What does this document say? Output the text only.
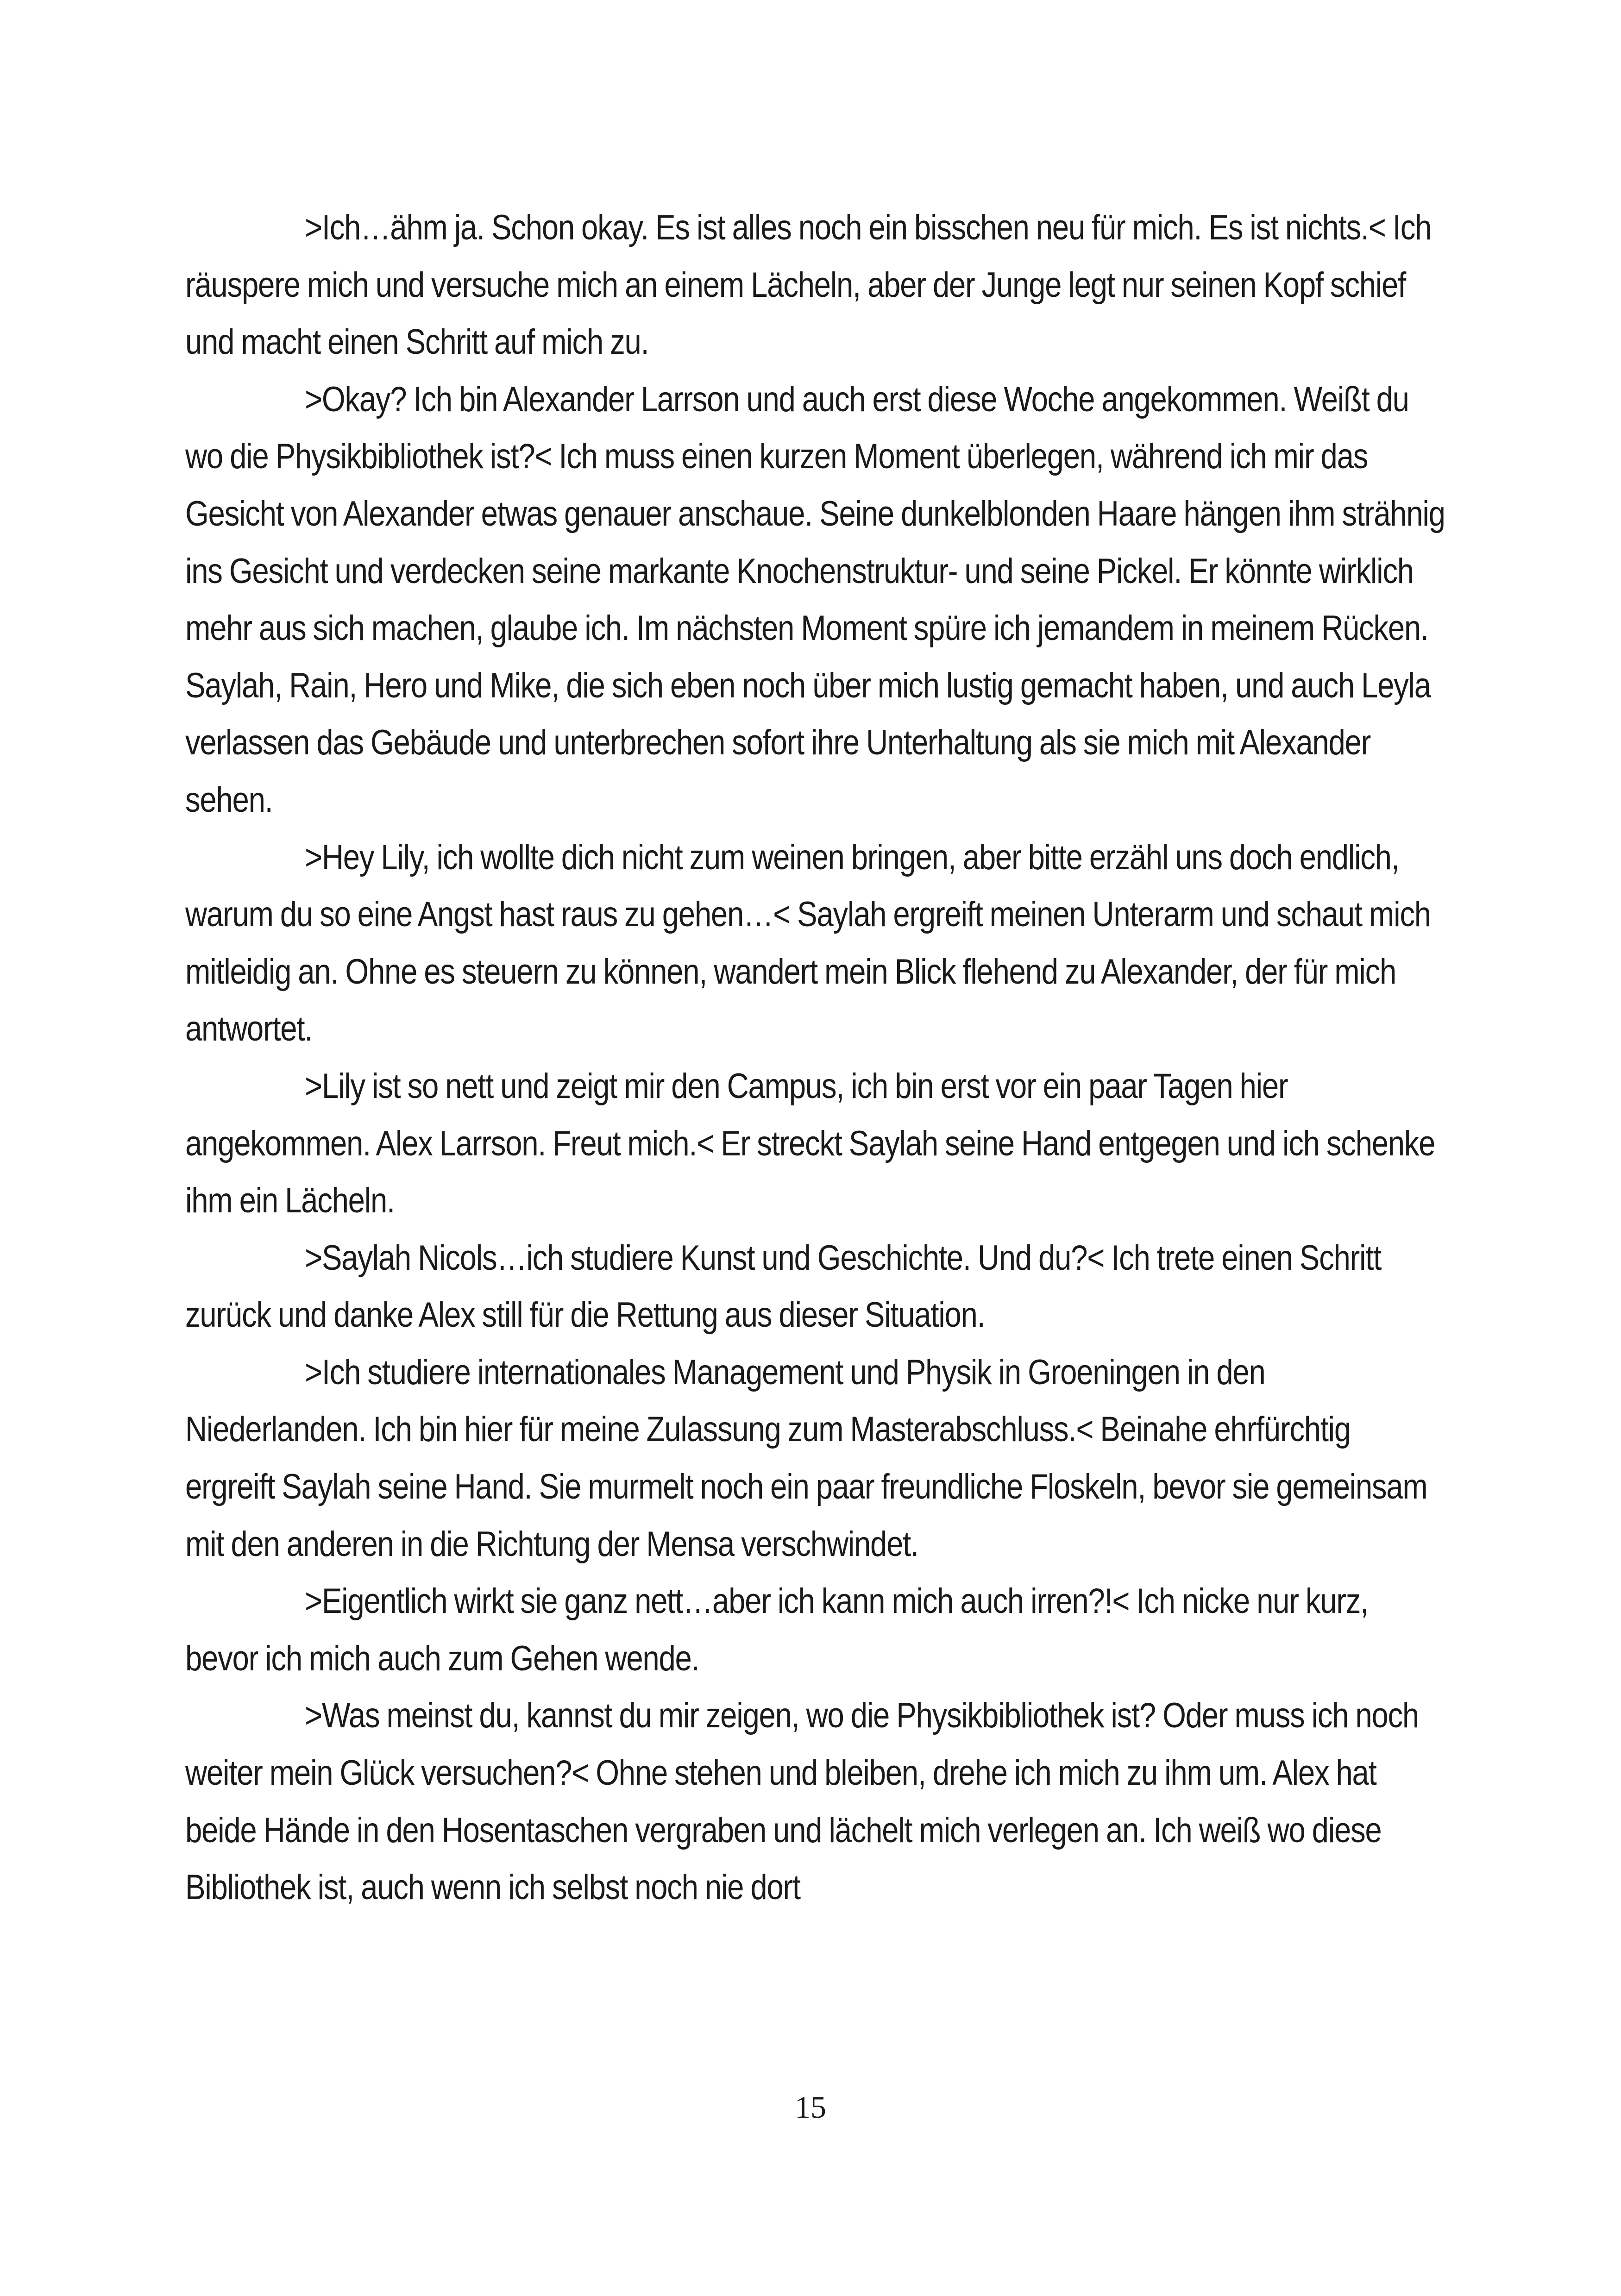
>Ich…ähm ja. Schon okay. Es ist alles noch ein bisschen neu für mich. Es ist nichts.< Ich räuspere mich und versuche mich an einem Lächeln, aber der Junge legt nur seinen Kopf schief und macht einen Schritt auf mich zu.

>Okay? Ich bin Alexander Larrson und auch erst diese Woche angekommen. Weißt du wo die Physikbibliothek ist?< Ich muss einen kurzen Moment überlegen, während ich mir das Gesicht von Alexander etwas genauer anschaue. Seine dunkelblonden Haare hängen ihm strähnig ins Gesicht und verdecken seine markante Knochenstruktur- und seine Pickel. Er könnte wirklich mehr aus sich machen, glaube ich. Im nächsten Moment spüre ich jemandem in meinem Rücken. Saylah, Rain, Hero und Mike, die sich eben noch über mich lustig gemacht haben, und auch Leyla verlassen das Gebäude und unterbrechen sofort ihre Unterhaltung als sie mich mit Alexander sehen.

>Hey Lily, ich wollte dich nicht zum weinen bringen, aber bitte erzähl uns doch endlich, warum du so eine Angst hast raus zu gehen…< Saylah ergreift meinen Unterarm und schaut mich mitleidig an. Ohne es steuern zu können, wandert mein Blick flehend zu Alexander, der für mich antwortet.

>Lily ist so nett und zeigt mir den Campus, ich bin erst vor ein paar Tagen hier angekommen. Alex Larrson. Freut mich.< Er streckt Saylah seine Hand entgegen und ich schenke ihm ein Lächeln.

>Saylah Nicols…ich studiere Kunst und Geschichte. Und du?< Ich trete einen Schritt zurück und danke Alex still für die Rettung aus dieser Situation.

>Ich studiere internationales Management und Physik in Groeningen in den Niederlanden. Ich bin hier für meine Zulassung zum Masterabschluss.< Beinahe ehrfürchtig ergreift Saylah seine Hand. Sie murmelt noch ein paar freundliche Floskeln, bevor sie gemeinsam mit den anderen in die Richtung der Mensa verschwindet.

>Eigentlich wirkt sie ganz nett…aber ich kann mich auch irren?!< Ich nicke nur kurz, bevor ich mich auch zum Gehen wende.

>Was meinst du, kannst du mir zeigen, wo die Physikbibliothek ist? Oder muss ich noch weiter mein Glück versuchen?< Ohne stehen und bleiben, drehe ich mich zu ihm um. Alex hat beide Hände in den Hosentaschen vergraben und lächelt mich verlegen an. Ich weiß wo diese Bibliothek ist, auch wenn ich selbst noch nie dort

15
